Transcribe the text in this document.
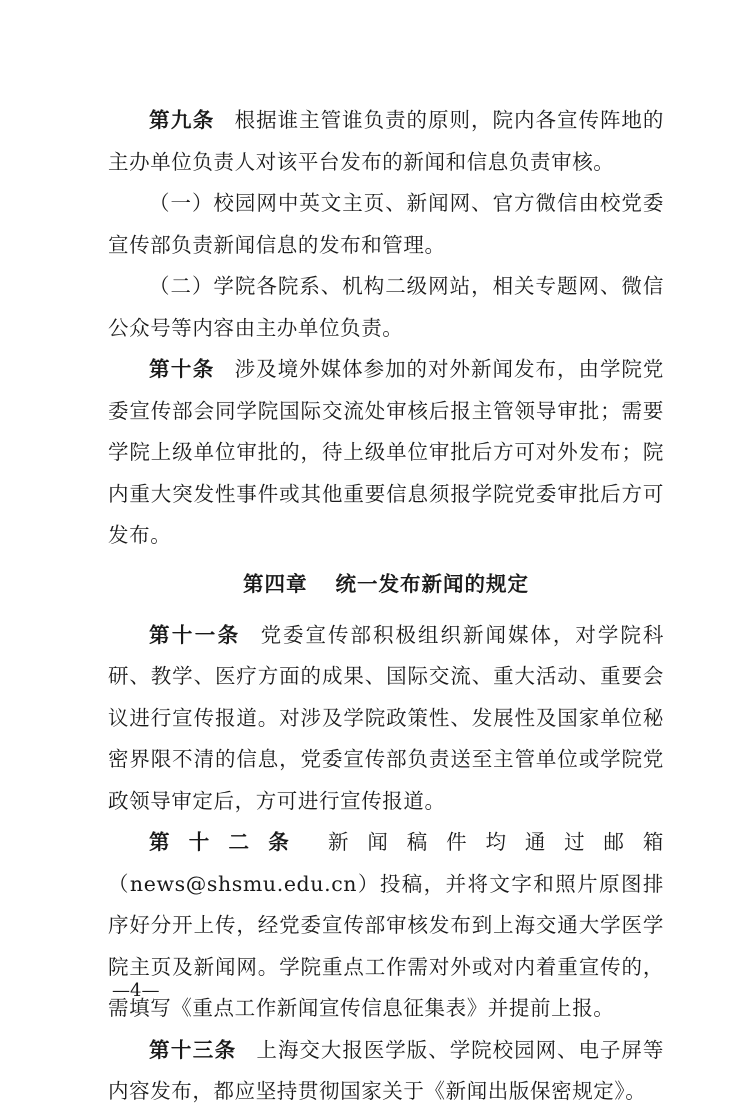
第九条 根据谁主管谁负责的原则，院内各宣传阵地的主办单位负责人对该平台发布的新闻和信息负责审核。

（一）校园网中英文主页、新闻网、官方微信由校党委宣传部负责新闻信息的发布和管理。

（二）学院各院系、机构二级网站，相关专题网、微信公众号等内容由主办单位负责。

第十条 涉及境外媒体参加的对外新闻发布，由学院党委宣传部会同学院国际交流处审核后报主管领导审批；需要学院上级单位审批的，待上级单位审批后方可对外发布；院内重大突发性事件或其他重要信息须报学院党委审批后方可发布。

第四章 统一发布新闻的规定

第十一条 党委宣传部积极组织新闻媒体，对学院科研、教学、医疗方面的成果、国际交流、重大活动、重要会议进行宣传报道。对涉及学院政策性、发展性及国家单位秘密界限不清的信息，党委宣传部负责送至主管单位或学院党政领导审定后，方可进行宣传报道。

第十二条 新闻稿件均通过邮箱（news@shsmu.edu.cn）投稿，并将文字和照片原图排序好分开上传，经党委宣传部审核发布到上海交通大学医学院主页及新闻网。学院重点工作需对外或对内着重宣传的，需填写《重点工作新闻宣传信息征集表》并提前上报。

第十三条 上海交大报医学版、学院校园网、电子屏等内容发布，都应坚持贯彻国家关于《新闻出版保密规定》。

—4—
